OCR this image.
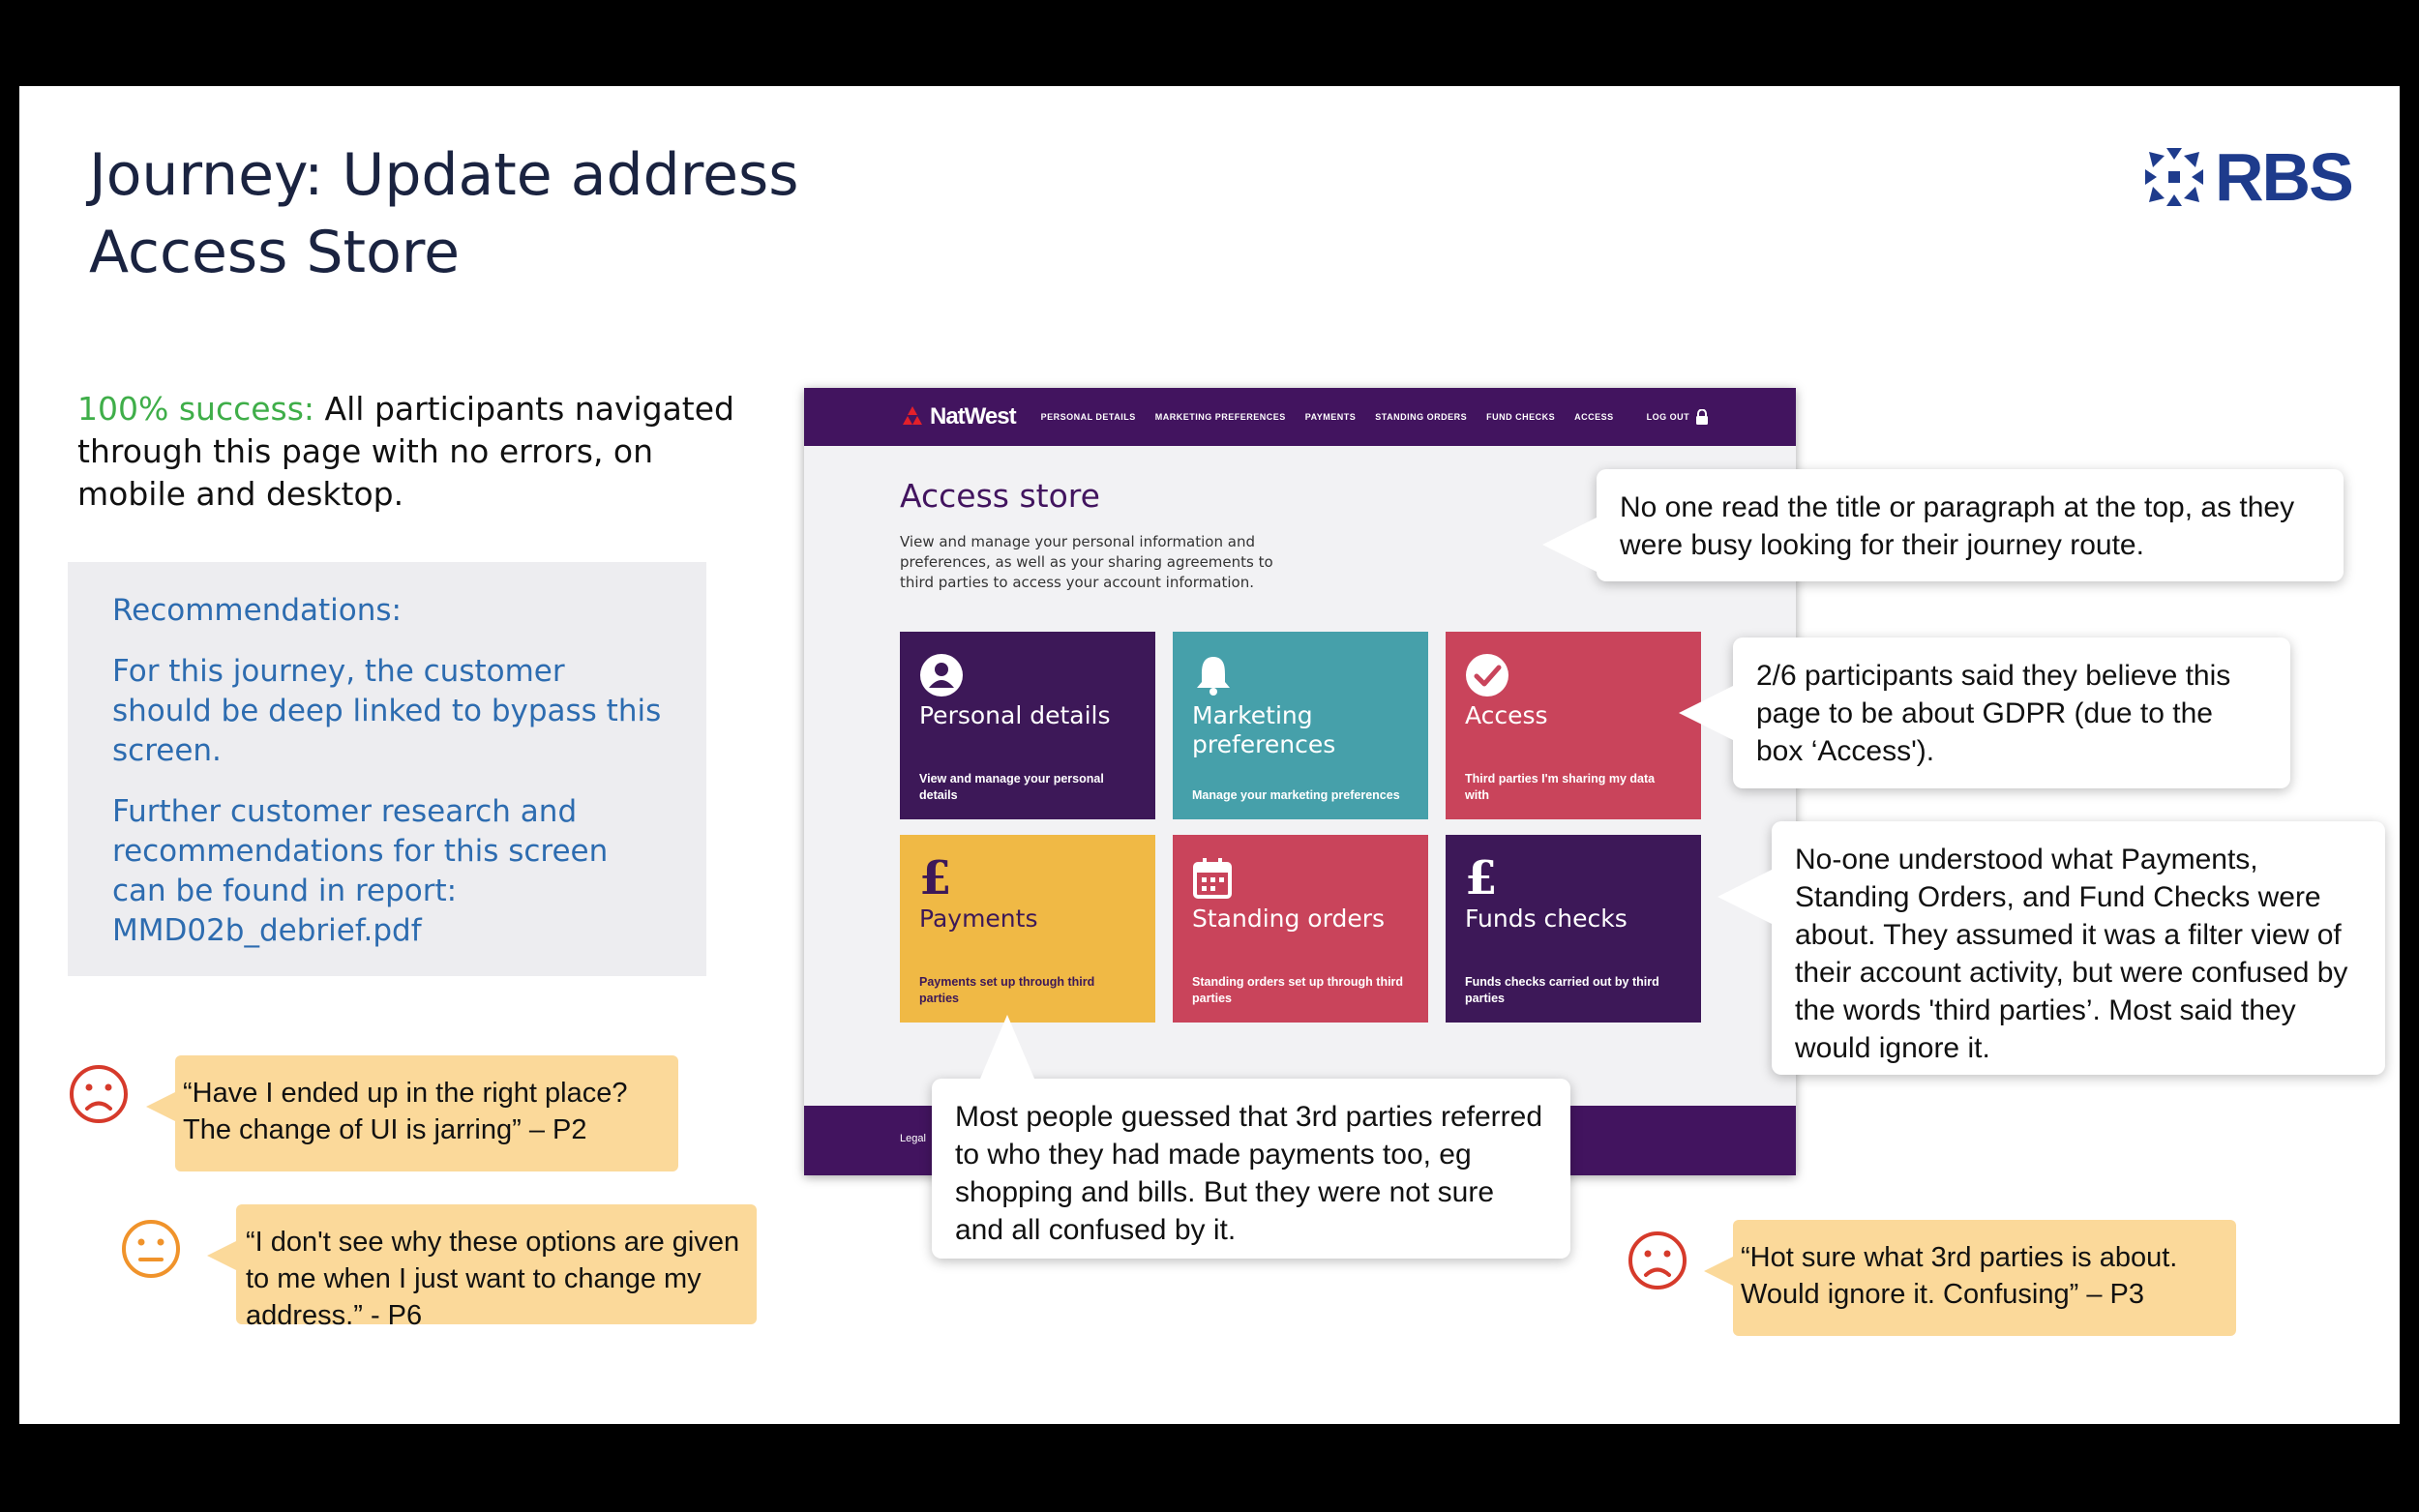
Journey: Update address
Access Store
RBS
100% success: All participants navigated through this page with no errors, on mobile and desktop.

Recommendations:

For this journey, the customer should be deep linked to bypass this screen.

Further customer research and recommendations for this screen can be found in report: MMD02b_debrief.pdf

“Have I ended up in the right place? The change of UI is jarring” – P2
“I don't see why these options are given to me when I just want to change my address.” - P6
NatWest	PERSONAL DETAILS MARKETING PREFERENCES PAYMENTS STANDING ORDERS FUND CHECKS ACCESS	LOG OUT
Access store
View and manage your personal information and preferences, as well as your sharing agreements to third parties to access your account information.
Personal details
View and manage your personal details
Marketing preferences
Manage your marketing preferences
Access
Third parties I'm sharing my data with
£
Payments
Payments set up through third parties
Standing orders
Standing orders set up through third parties
£
Funds checks
Funds checks carried out by third parties
Legal
No one read the title or paragraph at the top, as they were busy looking for their journey route.
2/6 participants said they believe this page to be about GDPR (due to the box ‘Access').
No-one understood what Payments, Standing Orders, and Fund Checks were about. They assumed it was a filter view of their account activity, but were confused by the words 'third parties’. Most said they would ignore it.
Most people guessed that 3rd parties referred to who they had made payments too, eg shopping and bills. But they were not sure and all confused by it.
“Hot sure what 3rd parties is about. Would ignore it. Confusing” – P3
